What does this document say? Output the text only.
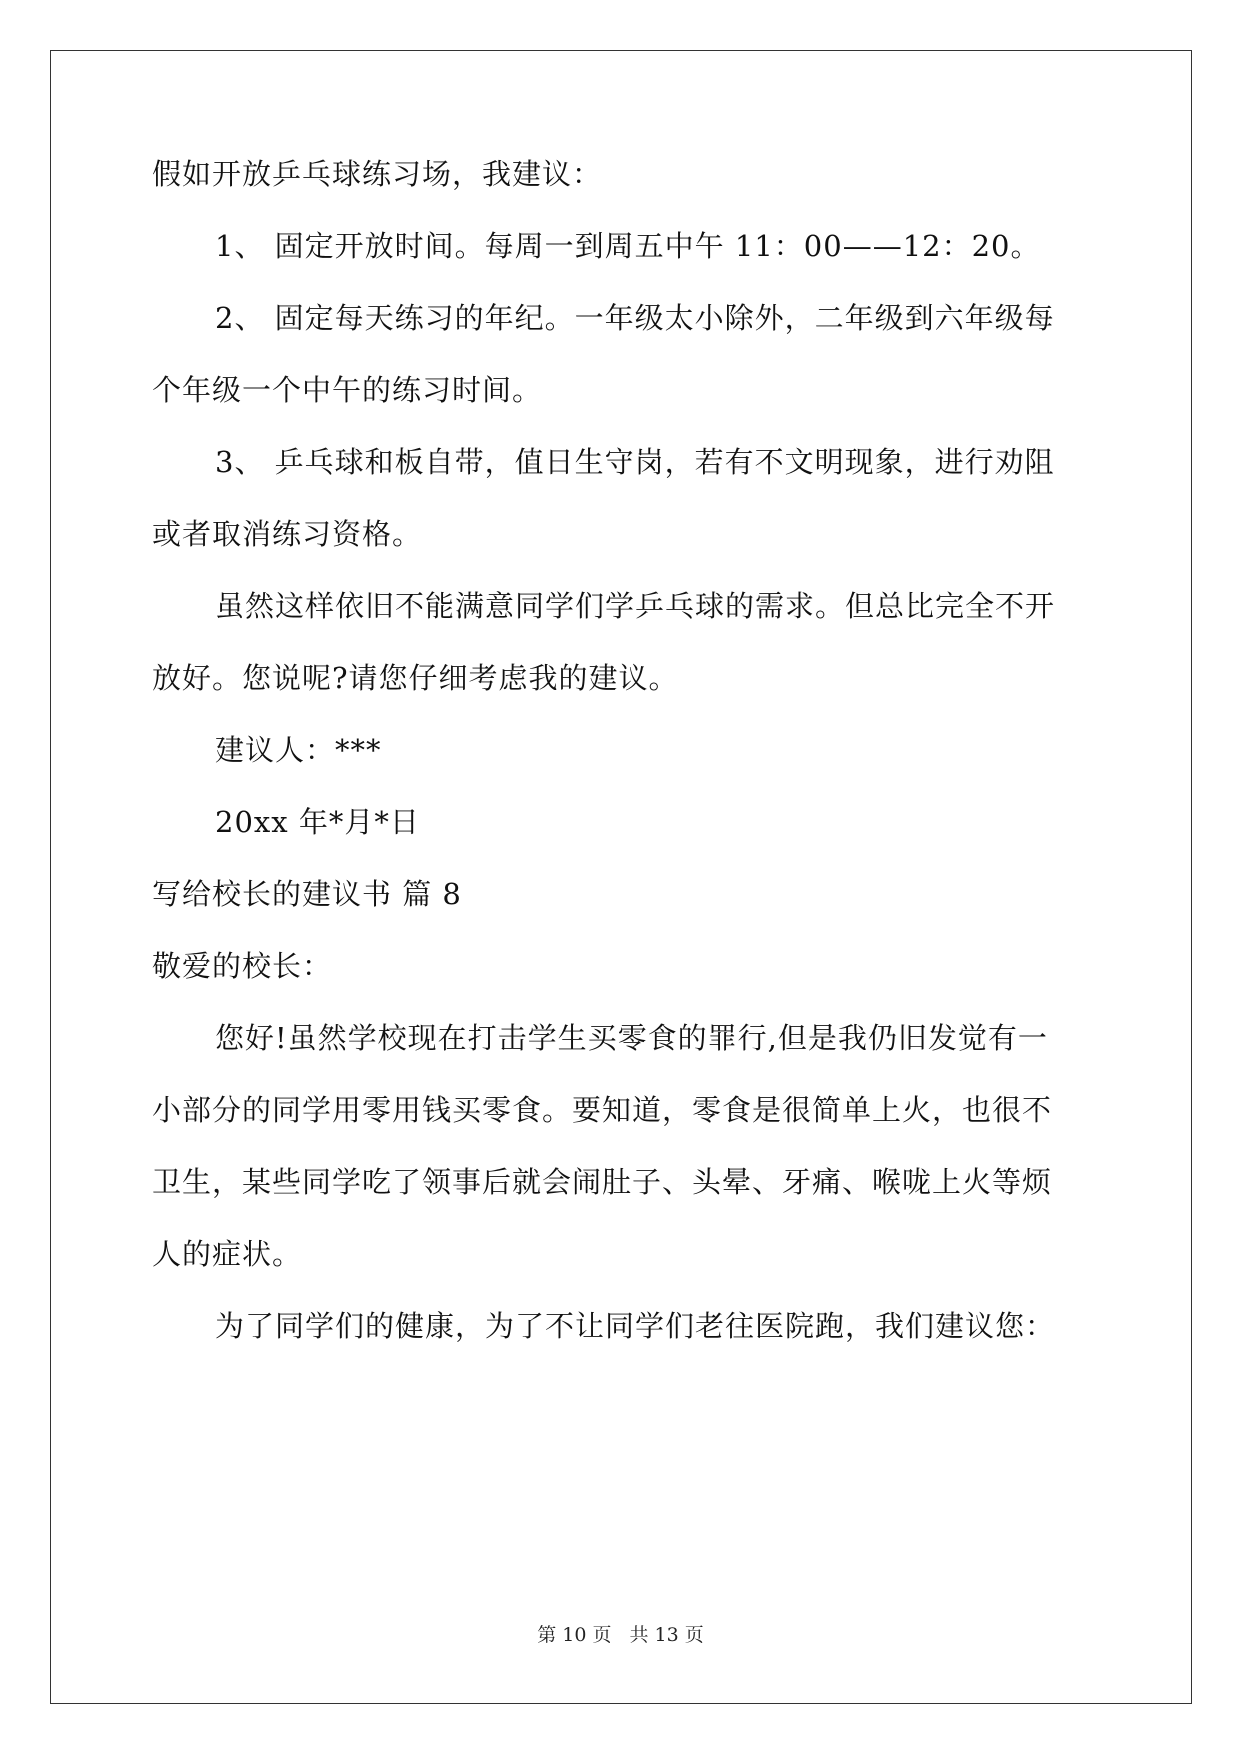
假如开放乒乓球练习场，我建议：
1、 固定开放时间。每周一到周五中午 11：00——12：20。
2、 固定每天练习的年纪。一年级太小除外，二年级到六年级每
个年级一个中午的练习时间。
3、 乒乓球和板自带，值日生守岗，若有不文明现象，进行劝阻
或者取消练习资格。
虽然这样依旧不能满意同学们学乒乓球的需求。但总比完全不开
放好。您说呢?请您仔细考虑我的建议。
建议人：***
20xx 年*月*日
写给校长的建议书 篇 8
敬爱的校长：
您好!虽然学校现在打击学生买零食的罪行,但是我仍旧发觉有一
小部分的同学用零用钱买零食。要知道，零食是很简单上火，也很不
卫生，某些同学吃了领事后就会闹肚子、头晕、牙痛、喉咙上火等烦
人的症状。
为了同学们的健康，为了不让同学们老往医院跑，我们建议您：
第 10 页 共 13 页
